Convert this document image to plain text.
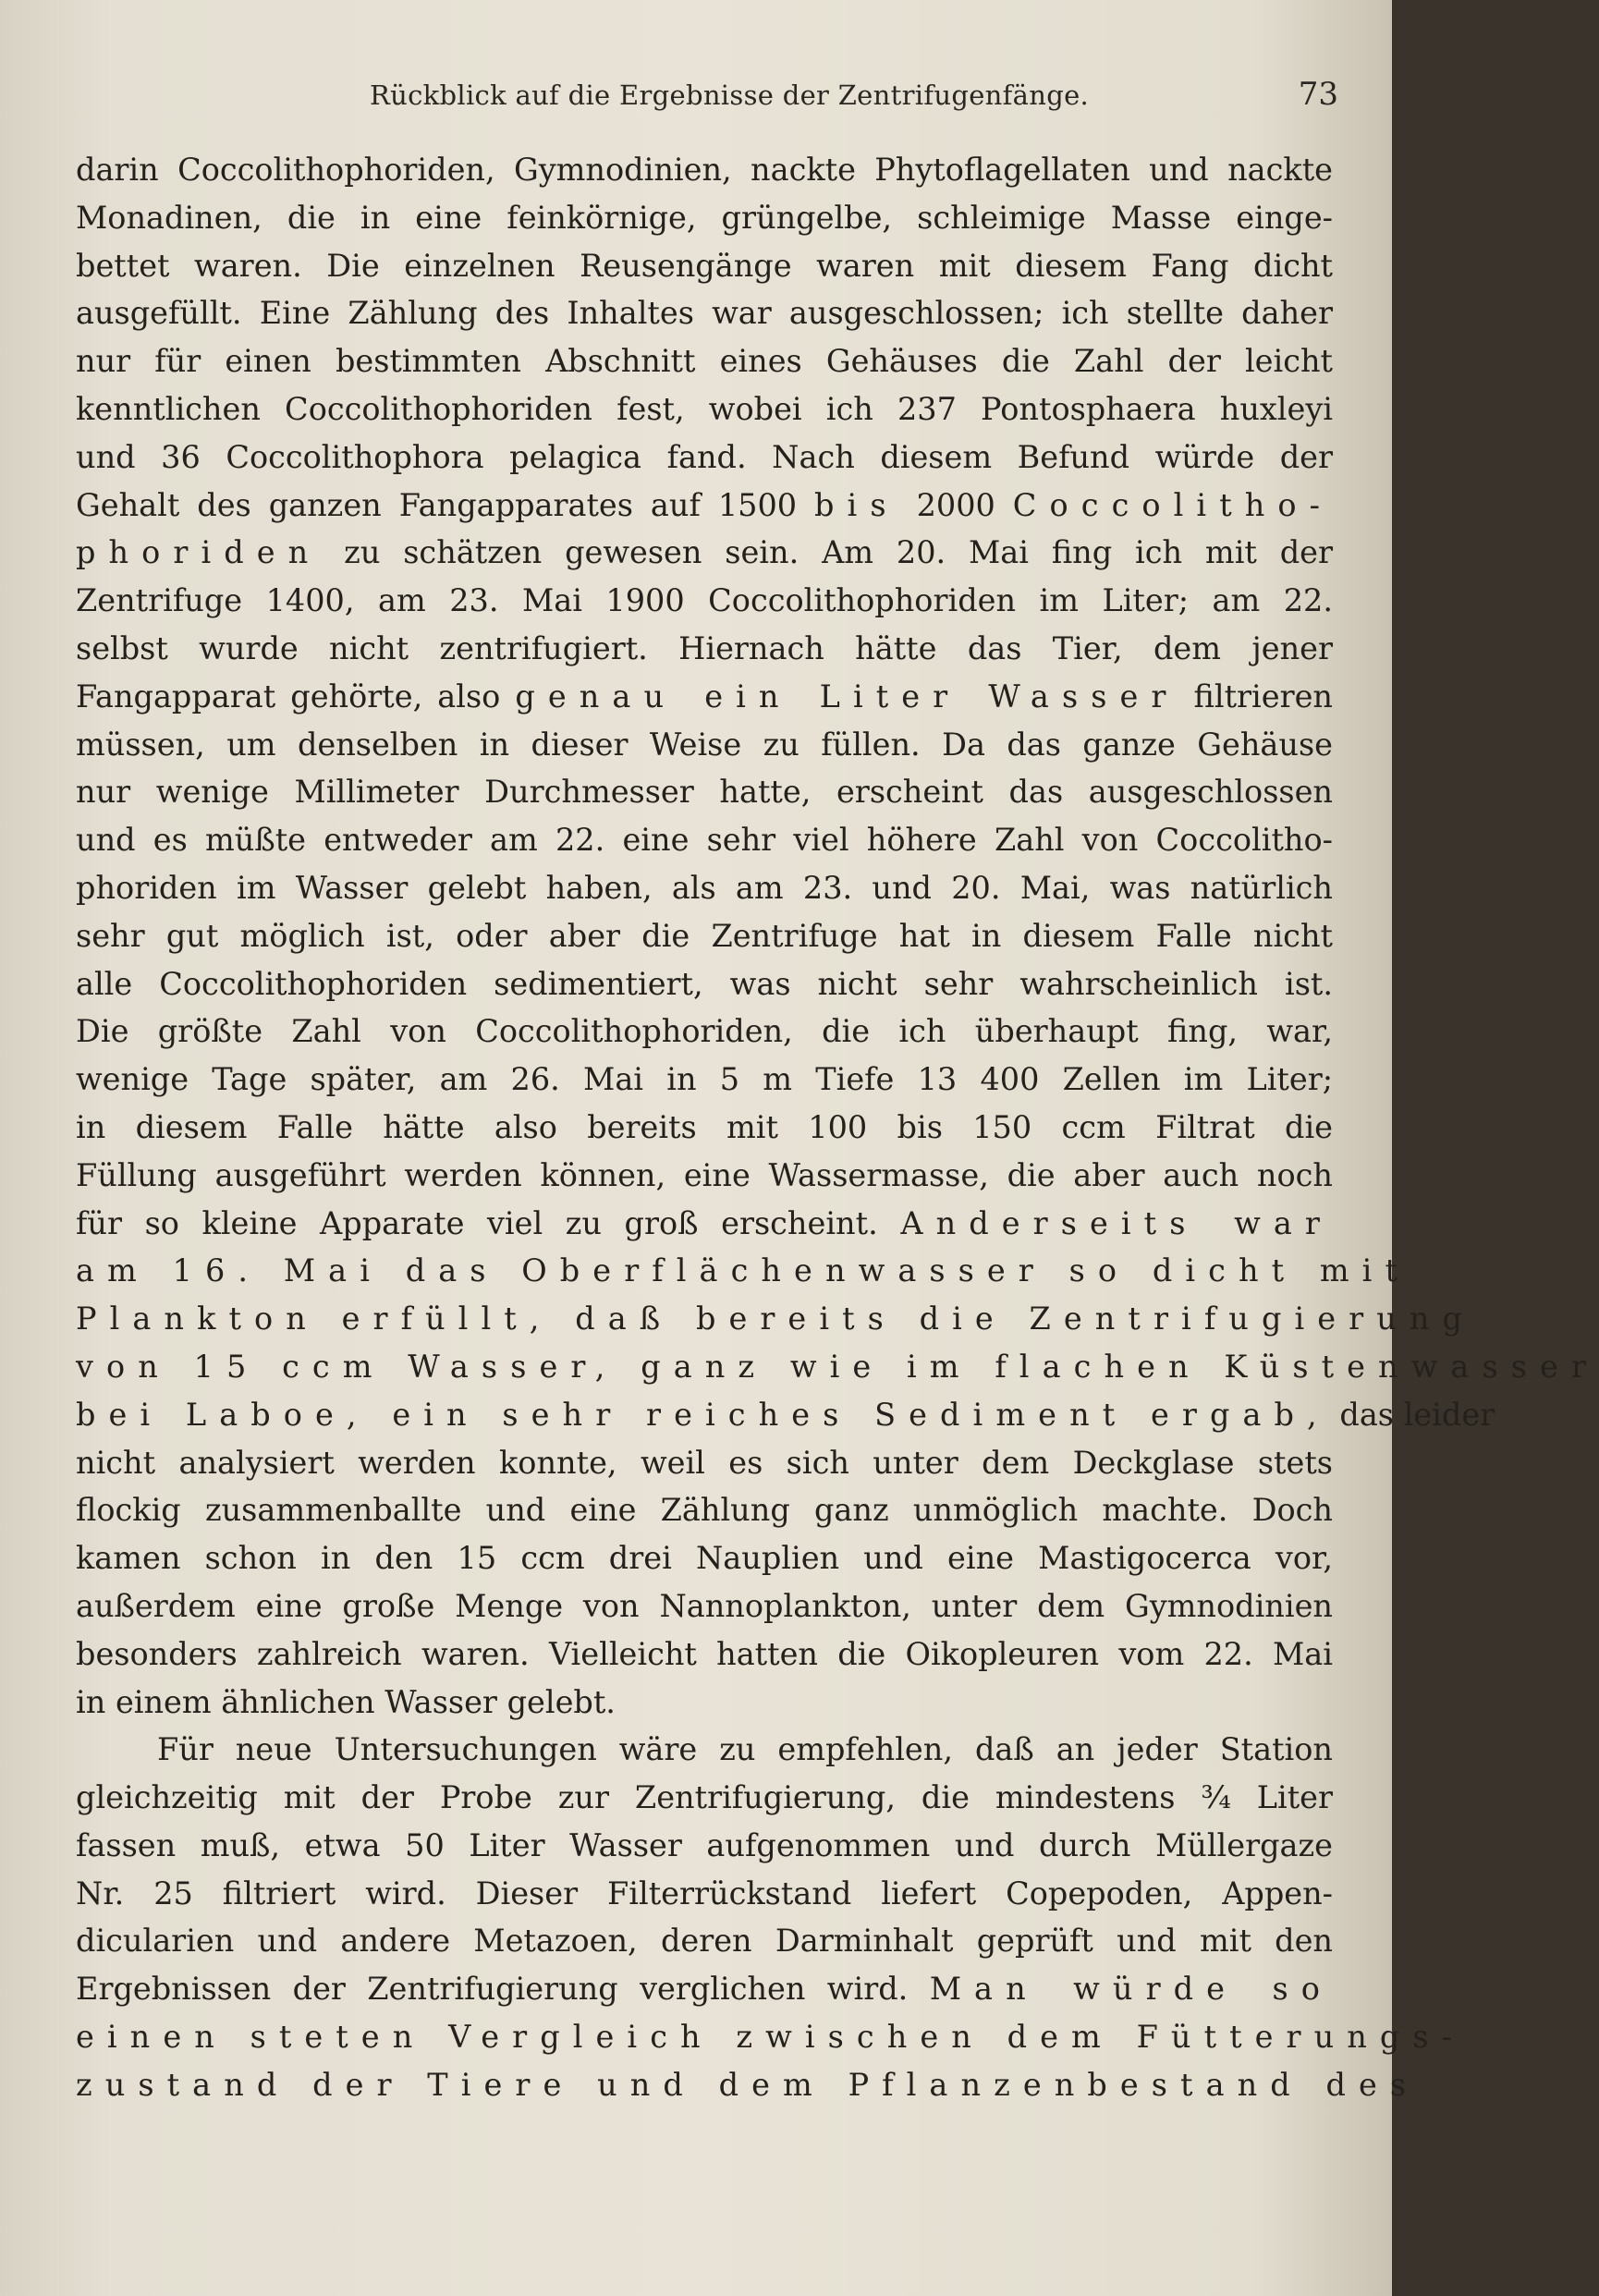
Rückblick auf die Ergebnisse der Zentrifugenfänge.	73
darin Coccolithophoriden, Gymnodinien, nackte Phytoflagellaten und nackte
Monadinen, die in eine feinkörnige, grüngelbe, schleimige Masse einge-
bettet waren. Die einzelnen Reusengänge waren mit diesem Fang dicht
ausgefüllt. Eine Zählung des Inhaltes war ausgeschlossen; ich stellte daher
nur für einen bestimmten Abschnitt eines Gehäuses die Zahl der leicht
kenntlichen Coccolithophoriden fest, wobei ich 237 Pontosphaera huxleyi
und 36 Coccolithophora pelagica fand. Nach diesem Befund würde der
Gehalt des ganzen Fangapparates auf 1500 bis 2000 Coccolitho-
phoriden zu schätzen gewesen sein. Am 20. Mai fing ich mit der
Zentrifuge 1400, am 23. Mai 1900 Coccolithophoriden im Liter; am 22.
selbst wurde nicht zentrifugiert. Hiernach hätte das Tier, dem jener
Fangapparat gehörte, also genau ein Liter Wasser filtrieren
müssen, um denselben in dieser Weise zu füllen. Da das ganze Gehäuse
nur wenige Millimeter Durchmesser hatte, erscheint das ausgeschlossen
und es müßte entweder am 22. eine sehr viel höhere Zahl von Coccolitho-
phoriden im Wasser gelebt haben, als am 23. und 20. Mai, was natürlich
sehr gut möglich ist, oder aber die Zentrifuge hat in diesem Falle nicht
alle Coccolithophoriden sedimentiert, was nicht sehr wahrscheinlich ist.
Die größte Zahl von Coccolithophoriden, die ich überhaupt fing, war,
wenige Tage später, am 26. Mai in 5 m Tiefe 13 400 Zellen im Liter;
in diesem Falle hätte also bereits mit 100 bis 150 ccm Filtrat die
Füllung ausgeführt werden können, eine Wassermasse, die aber auch noch
für so kleine Apparate viel zu groß erscheint. Anderseits war
am 16. Mai das Oberflächenwasser so dicht mit
Plankton erfüllt, daß bereits die Zentrifugierung
von 15 ccm Wasser, ganz wie im flachen Küstenwasser
bei Laboe, ein sehr reiches Sediment ergab, das leider
nicht analysiert werden konnte, weil es sich unter dem Deckglase stets
flockig zusammenballte und eine Zählung ganz unmöglich machte. Doch
kamen schon in den 15 ccm drei Nauplien und eine Mastigocerca vor,
außerdem eine große Menge von Nannoplankton, unter dem Gymnodinien
besonders zahlreich waren. Vielleicht hatten die Oikopleuren vom 22. Mai
in einem ähnlichen Wasser gelebt.
Für neue Untersuchungen wäre zu empfehlen, daß an jeder Station
gleichzeitig mit der Probe zur Zentrifugierung, die mindestens ¾ Liter
fassen muß, etwa 50 Liter Wasser aufgenommen und durch Müllergaze
Nr. 25 filtriert wird. Dieser Filterrückstand liefert Copepoden, Appen-
dicularien und andere Metazoen, deren Darminhalt geprüft und mit den
Ergebnissen der Zentrifugierung verglichen wird. Man würde so
einen steten Vergleich zwischen dem Fütterungs-
zustand der Tiere und dem Pflanzenbestand des
